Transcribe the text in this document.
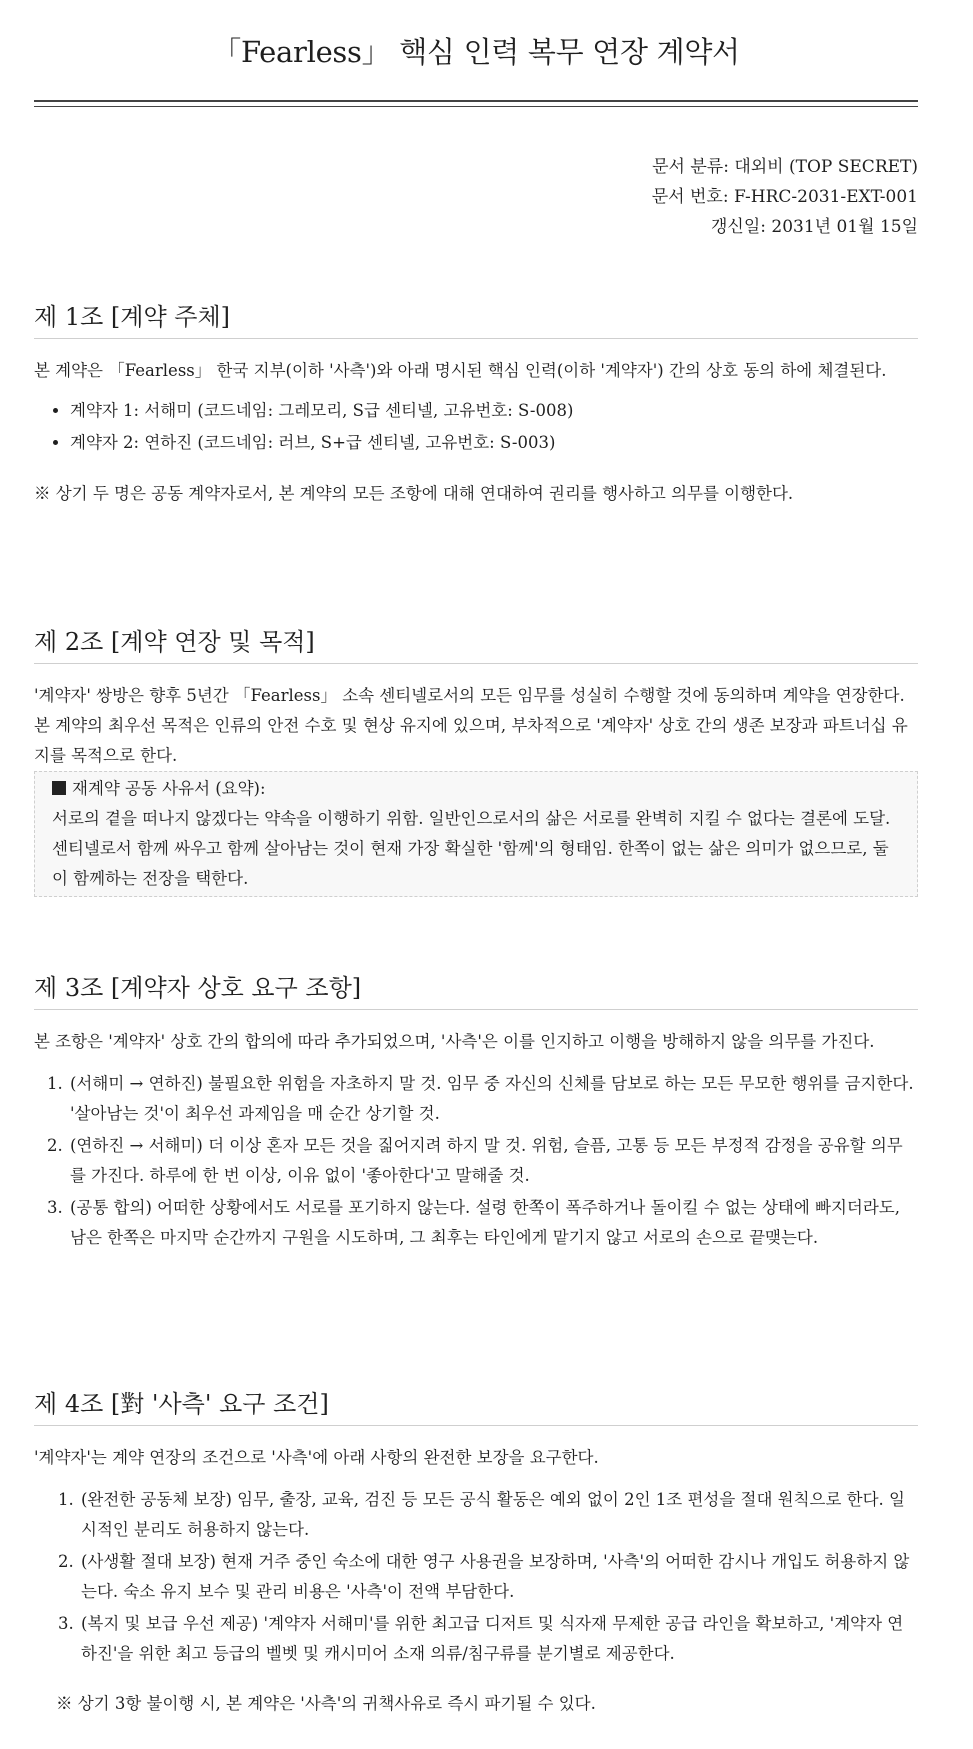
「Fearless」 핵심 인력 복무 연장 계약서
문서 분류: 대외비 (TOP SECRET)
문서 번호: F-HRC-2031-EXT-001
갱신일: 2031년 01월 15일
제 1조 [계약 주체]

본 계약은 「Fearless」 한국 지부(이하 '사측')와 아래 명시된 핵심 인력(이하 '계약자') 간의 상호 동의 하에 체결된다.

• 계약자 1: 서해미 (코드네임: 그레모리, S급 센티넬, 고유번호: S-008)
• 계약자 2: 연하진 (코드네임: 러브, S+급 센티넬, 고유번호: S-003)

※ 상기 두 명은 공동 계약자로서, 본 계약의 모든 조항에 대해 연대하여 권리를 행사하고 의무를 이행한다.

제 2조 [계약 연장 및 목적]

'계약자' 쌍방은 향후 5년간 「Fearless」 소속 센티넬로서의 모든 임무를 성실히 수행할 것에 동의하며 계약을 연장한다. 본 계약의 최우선 목적은 인류의 안전 수호 및 현상 유지에 있으며, 부차적으로 '계약자' 상호 간의 생존 보장과 파트너십 유지를 목적으로 한다.

재계약 공동 사유서 (요약):
서로의 곁을 떠나지 않겠다는 약속을 이행하기 위함. 일반인으로서의 삶은 서로를 완벽히 지킬 수 없다는 결론에 도달. 센티넬로서 함께 싸우고 함께 살아남는 것이 현재 가장 확실한 '함께'의 형태임. 한쪽이 없는 삶은 의미가 없으므로, 둘이 함께하는 전장을 택한다.
제 3조 [계약자 상호 요구 조항]

본 조항은 '계약자' 상호 간의 합의에 따라 추가되었으며, '사측'은 이를 인지하고 이행을 방해하지 않을 의무를 가진다.

1. (서해미 → 연하진) 불필요한 위험을 자초하지 말 것. 임무 중 자신의 신체를 담보로 하는 모든 무모한 행위를 금지한다. '살아남는 것'이 최우선 과제임을 매 순간 상기할 것.
2. (연하진 → 서해미) 더 이상 혼자 모든 것을 짊어지려 하지 말 것. 위험, 슬픔, 고통 등 모든 부정적 감정을 공유할 의무를 가진다. 하루에 한 번 이상, 이유 없이 '좋아한다'고 말해줄 것.
3. (공통 합의) 어떠한 상황에서도 서로를 포기하지 않는다. 설령 한쪽이 폭주하거나 돌이킬 수 없는 상태에 빠지더라도, 남은 한쪽은 마지막 순간까지 구원을 시도하며, 그 최후는 타인에게 맡기지 않고 서로의 손으로 끝맺는다.
제 4조 [對 '사측' 요구 조건]

'계약자'는 계약 연장의 조건으로 '사측'에 아래 사항의 완전한 보장을 요구한다.

1. (완전한 공동체 보장) 임무, 출장, 교육, 검진 등 모든 공식 활동은 예외 없이 2인 1조 편성을 절대 원칙으로 한다. 일시적인 분리도 허용하지 않는다.
2. (사생활 절대 보장) 현재 거주 중인 숙소에 대한 영구 사용권을 보장하며, '사측'의 어떠한 감시나 개입도 허용하지 않는다. 숙소 유지 보수 및 관리 비용은 '사측'이 전액 부담한다.
3. (복지 및 보급 우선 제공) '계약자 서해미'를 위한 최고급 디저트 및 식자재 무제한 공급 라인을 확보하고, '계약자 연하진'을 위한 최고 등급의 벨벳 및 캐시미어 소재 의류/침구류를 분기별로 제공한다.

※ 상기 3항 불이행 시, 본 계약은 '사측'의 귀책사유로 즉시 파기될 수 있다.
